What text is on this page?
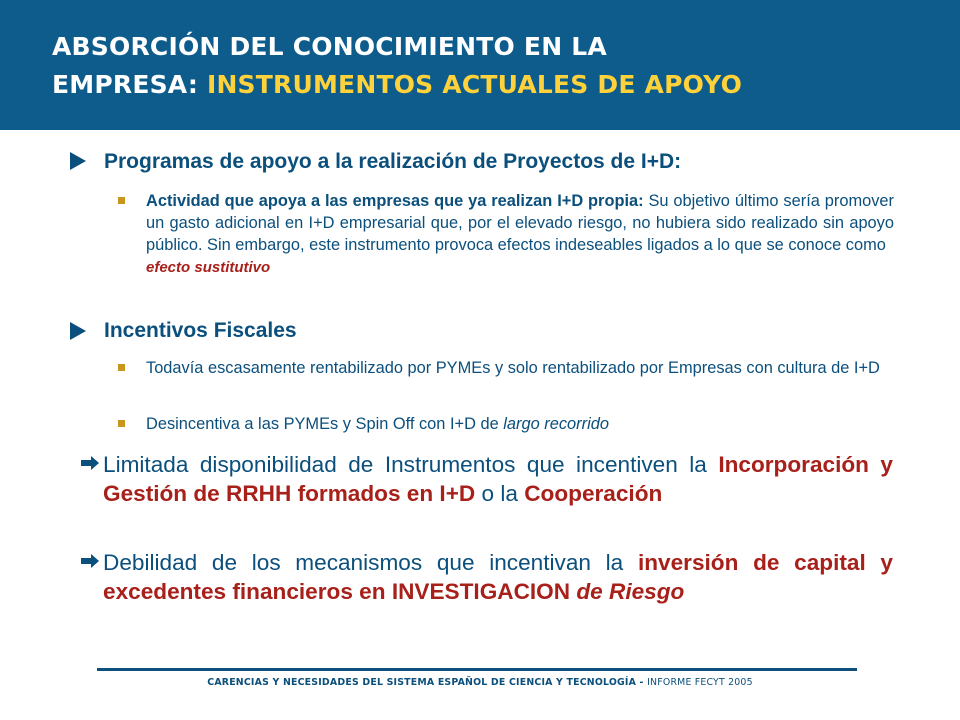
ABSORCIÓN DEL CONOCIMIENTO EN LA
EMPRESA: INSTRUMENTOS ACTUALES DE APOYO
Programas de apoyo a la realización de Proyectos de I+D:

Actividad que apoya a las empresas que ya realizan I+D propia: Su objetivo último sería promover un gasto adicional en I+D empresarial que, por el elevado riesgo, no hubiera sido realizado sin apoyo público. Sin embargo, este instrumento provoca efectos indeseables ligados a lo que se conoce como
efecto sustitutivo

Incentivos Fiscales

Todavía escasamente rentabilizado por PYMEs y solo rentabilizado por Empresas con cultura de I+D

Desincentiva a las PYMEs y Spin Off con I+D de largo recorrido

Limitada disponibilidad de Instrumentos que incentiven la Incorporación y Gestión de RRHH formados en I+D o la Cooperación

Debilidad de los mecanismos que incentivan la inversión de capital y excedentes financieros en INVESTIGACION de Riesgo

CARENCIAS Y NECESIDADES DEL SISTEMA ESPAÑOL DE CIENCIA Y TECNOLOGÍA - INFORME FECYT 2005
